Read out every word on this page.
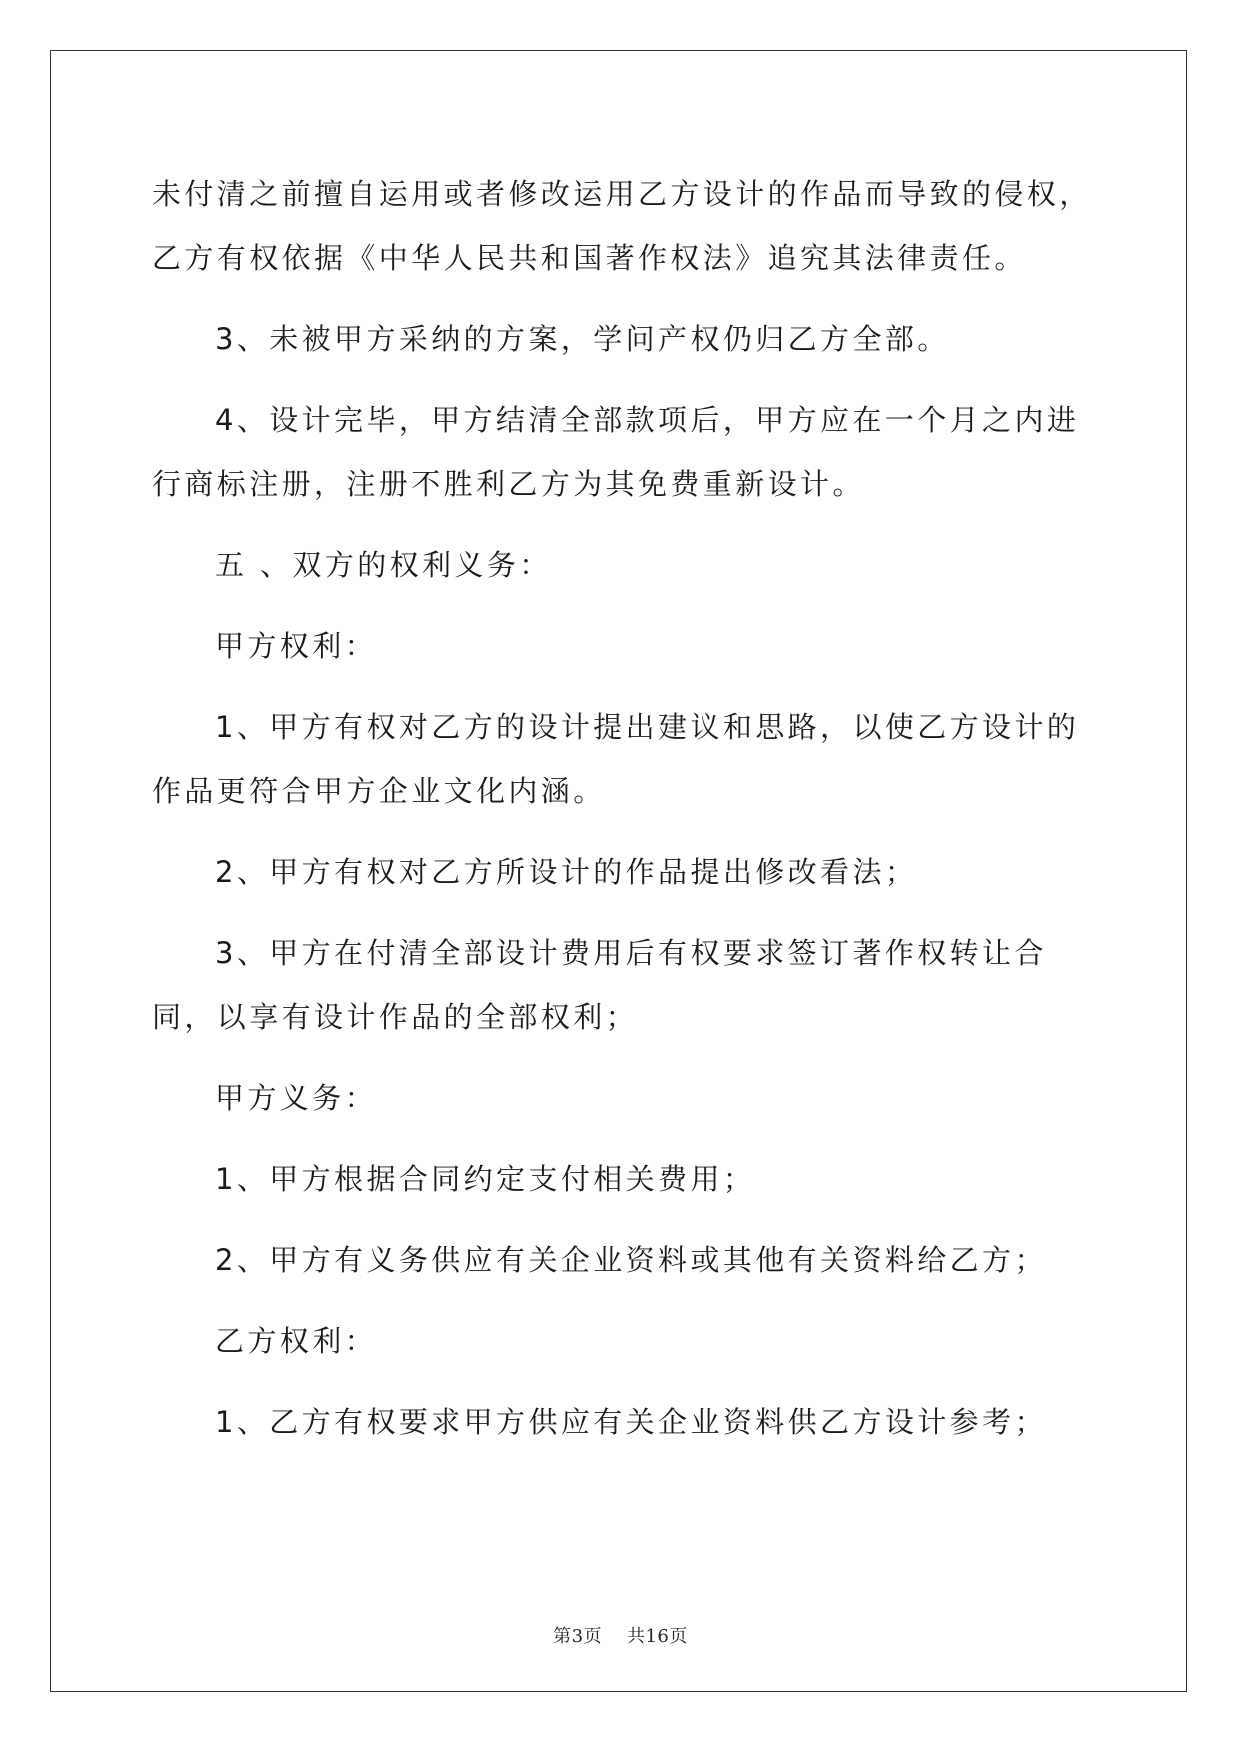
未付清之前擅自运用或者修改运用乙方设计的作品而导致的侵权，乙方有权依据《中华人民共和国著作权法》追究其法律责任。

3、未被甲方采纳的方案，学问产权仍归乙方全部。

4、设计完毕，甲方结清全部款项后，甲方应在一个月之内进行商标注册，注册不胜利乙方为其免费重新设计。

五 、双方的权利义务：

甲方权利：

1、甲方有权对乙方的设计提出建议和思路，以使乙方设计的作品更符合甲方企业文化内涵。

2、甲方有权对乙方所设计的作品提出修改看法；

3、甲方在付清全部设计费用后有权要求签订著作权转让合同，以享有设计作品的全部权利；

甲方义务：

1、甲方根据合同约定支付相关费用；

2、甲方有义务供应有关企业资料或其他有关资料给乙方；

乙方权利：

1、乙方有权要求甲方供应有关企业资料供乙方设计参考；

第3页 共16页
